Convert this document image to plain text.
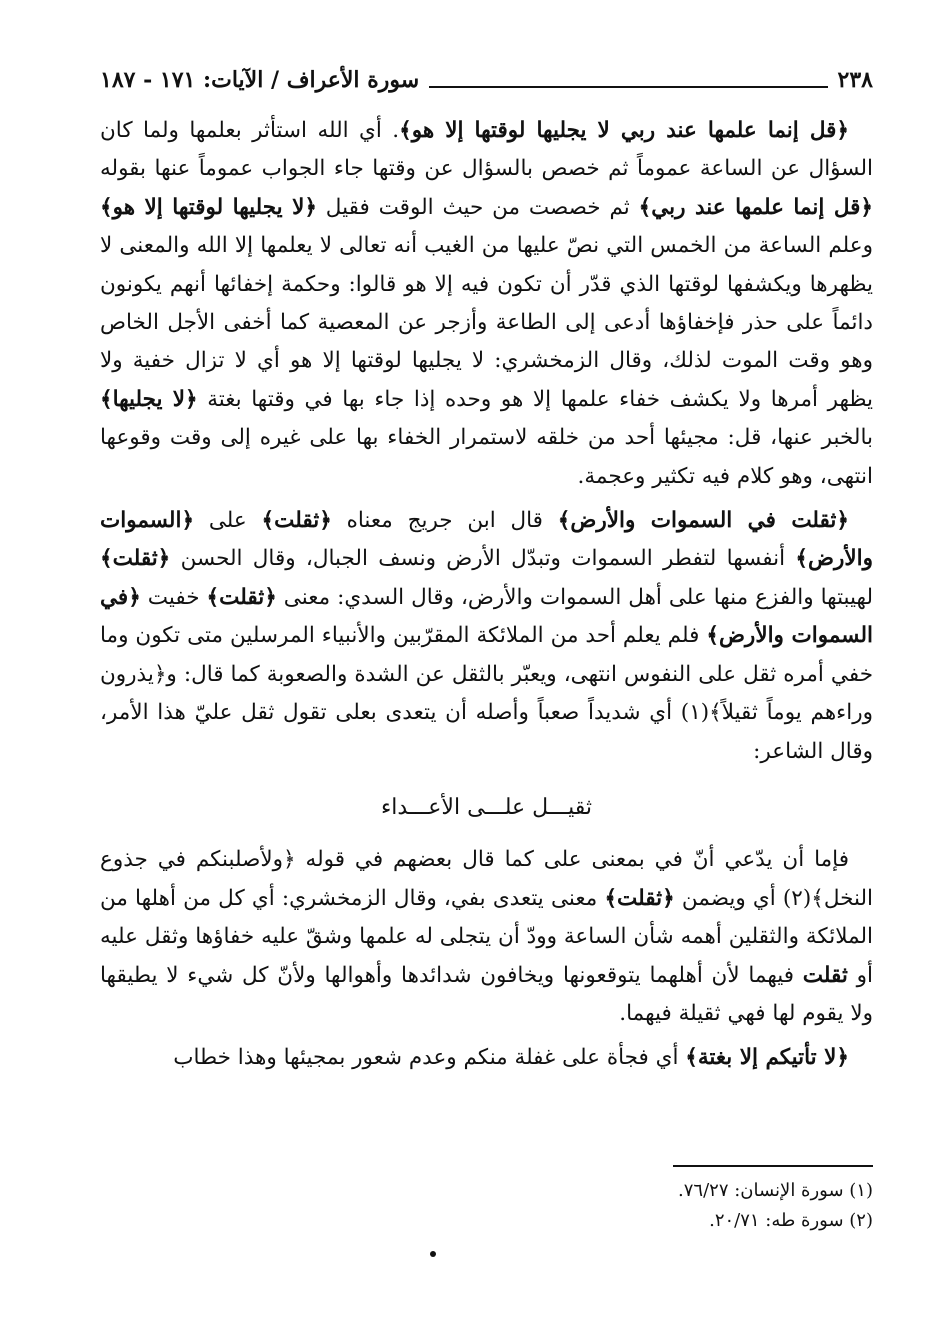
٢٣٨
سورة الأعراف / الآيات: ١٧١ - ١٨٧

﴿قل إنما علمها عند ربي لا يجليها لوقتها إلا هو﴾. أي الله استأثر بعلمها ولما كان السؤال عن الساعة عموماً ثم خصص بالسؤال عن وقتها جاء الجواب عموماً عنها بقوله ﴿قل إنما علمها عند ربي﴾ ثم خصصت من حيث الوقت فقيل ﴿لا يجليها لوقتها إلا هو﴾ وعلم الساعة من الخمس التي نصّ عليها من الغيب أنه تعالى لا يعلمها إلا الله والمعنى لا يظهرها ويكشفها لوقتها الذي قدّر أن تكون فيه إلا هو قالوا: وحكمة إخفائها أنهم يكونون دائماً على حذر فإخفاؤها أدعى إلى الطاعة وأزجر عن المعصية كما أخفى الأجل الخاص وهو وقت الموت لذلك، وقال الزمخشري: لا يجليها لوقتها إلا هو أي لا تزال خفية ولا يظهر أمرها ولا يكشف خفاء علمها إلا هو وحده إذا جاء بها في وقتها بغتة ﴿لا يجليها﴾ بالخبر عنها، قل: مجيئها أحد من خلقه لاستمرار الخفاء بها على غيره إلى وقت وقوعها انتهى، وهو كلام فيه تكثير وعجمة.

﴿ثقلت في السموات والأرض﴾ قال ابن جريج معناه ﴿ثقلت﴾ على ﴿السموات والأرض﴾ أنفسها لتفطر السموات وتبدّل الأرض ونسف الجبال، وقال الحسن ﴿ثقلت﴾ لهيبتها والفزع منها على أهل السموات والأرض، وقال السدي: معنى ﴿ثقلت﴾ خفيت ﴿في السموات والأرض﴾ فلم يعلم أحد من الملائكة المقرّبين والأنبياء المرسلين متى تكون وما خفي أمره ثقل على النفوس انتهى، ويعبّر بالثقل عن الشدة والصعوبة كما قال: و﴿يذرون وراءهم يوماً ثقيلاً﴾(١) أي شديداً صعباً وأصله أن يتعدى بعلى تقول ثقل عليّ هذا الأمر، وقال الشاعر:

ثقيـــل علـــى الأعـــداء

فإما أن يدّعي أنّ في بمعنى على كما قال بعضهم في قوله ﴿ولأصلبنكم في جذوع النخل﴾(٢) أي ويضمن ﴿ثقلت﴾ معنى يتعدى بفي، وقال الزمخشري: أي كل من أهلها من الملائكة والثقلين أهمه شأن الساعة وودّ أن يتجلى له علمها وشقّ عليه خفاؤها وثقل عليه أو ثقلت فيهما لأن أهلهما يتوقعونها ويخافون شدائدها وأهوالها ولأنّ كل شيء لا يطيقها ولا يقوم لها فهي ثقيلة فيهما.

﴿لا تأتيكم إلا بغتة﴾ أي فجأة على غفلة منكم وعدم شعور بمجيئها وهذا خطاب

(١) سورة الإنسان: ٧٦/٢٧.
(٢) سورة طه: ٢٠/٧١.
